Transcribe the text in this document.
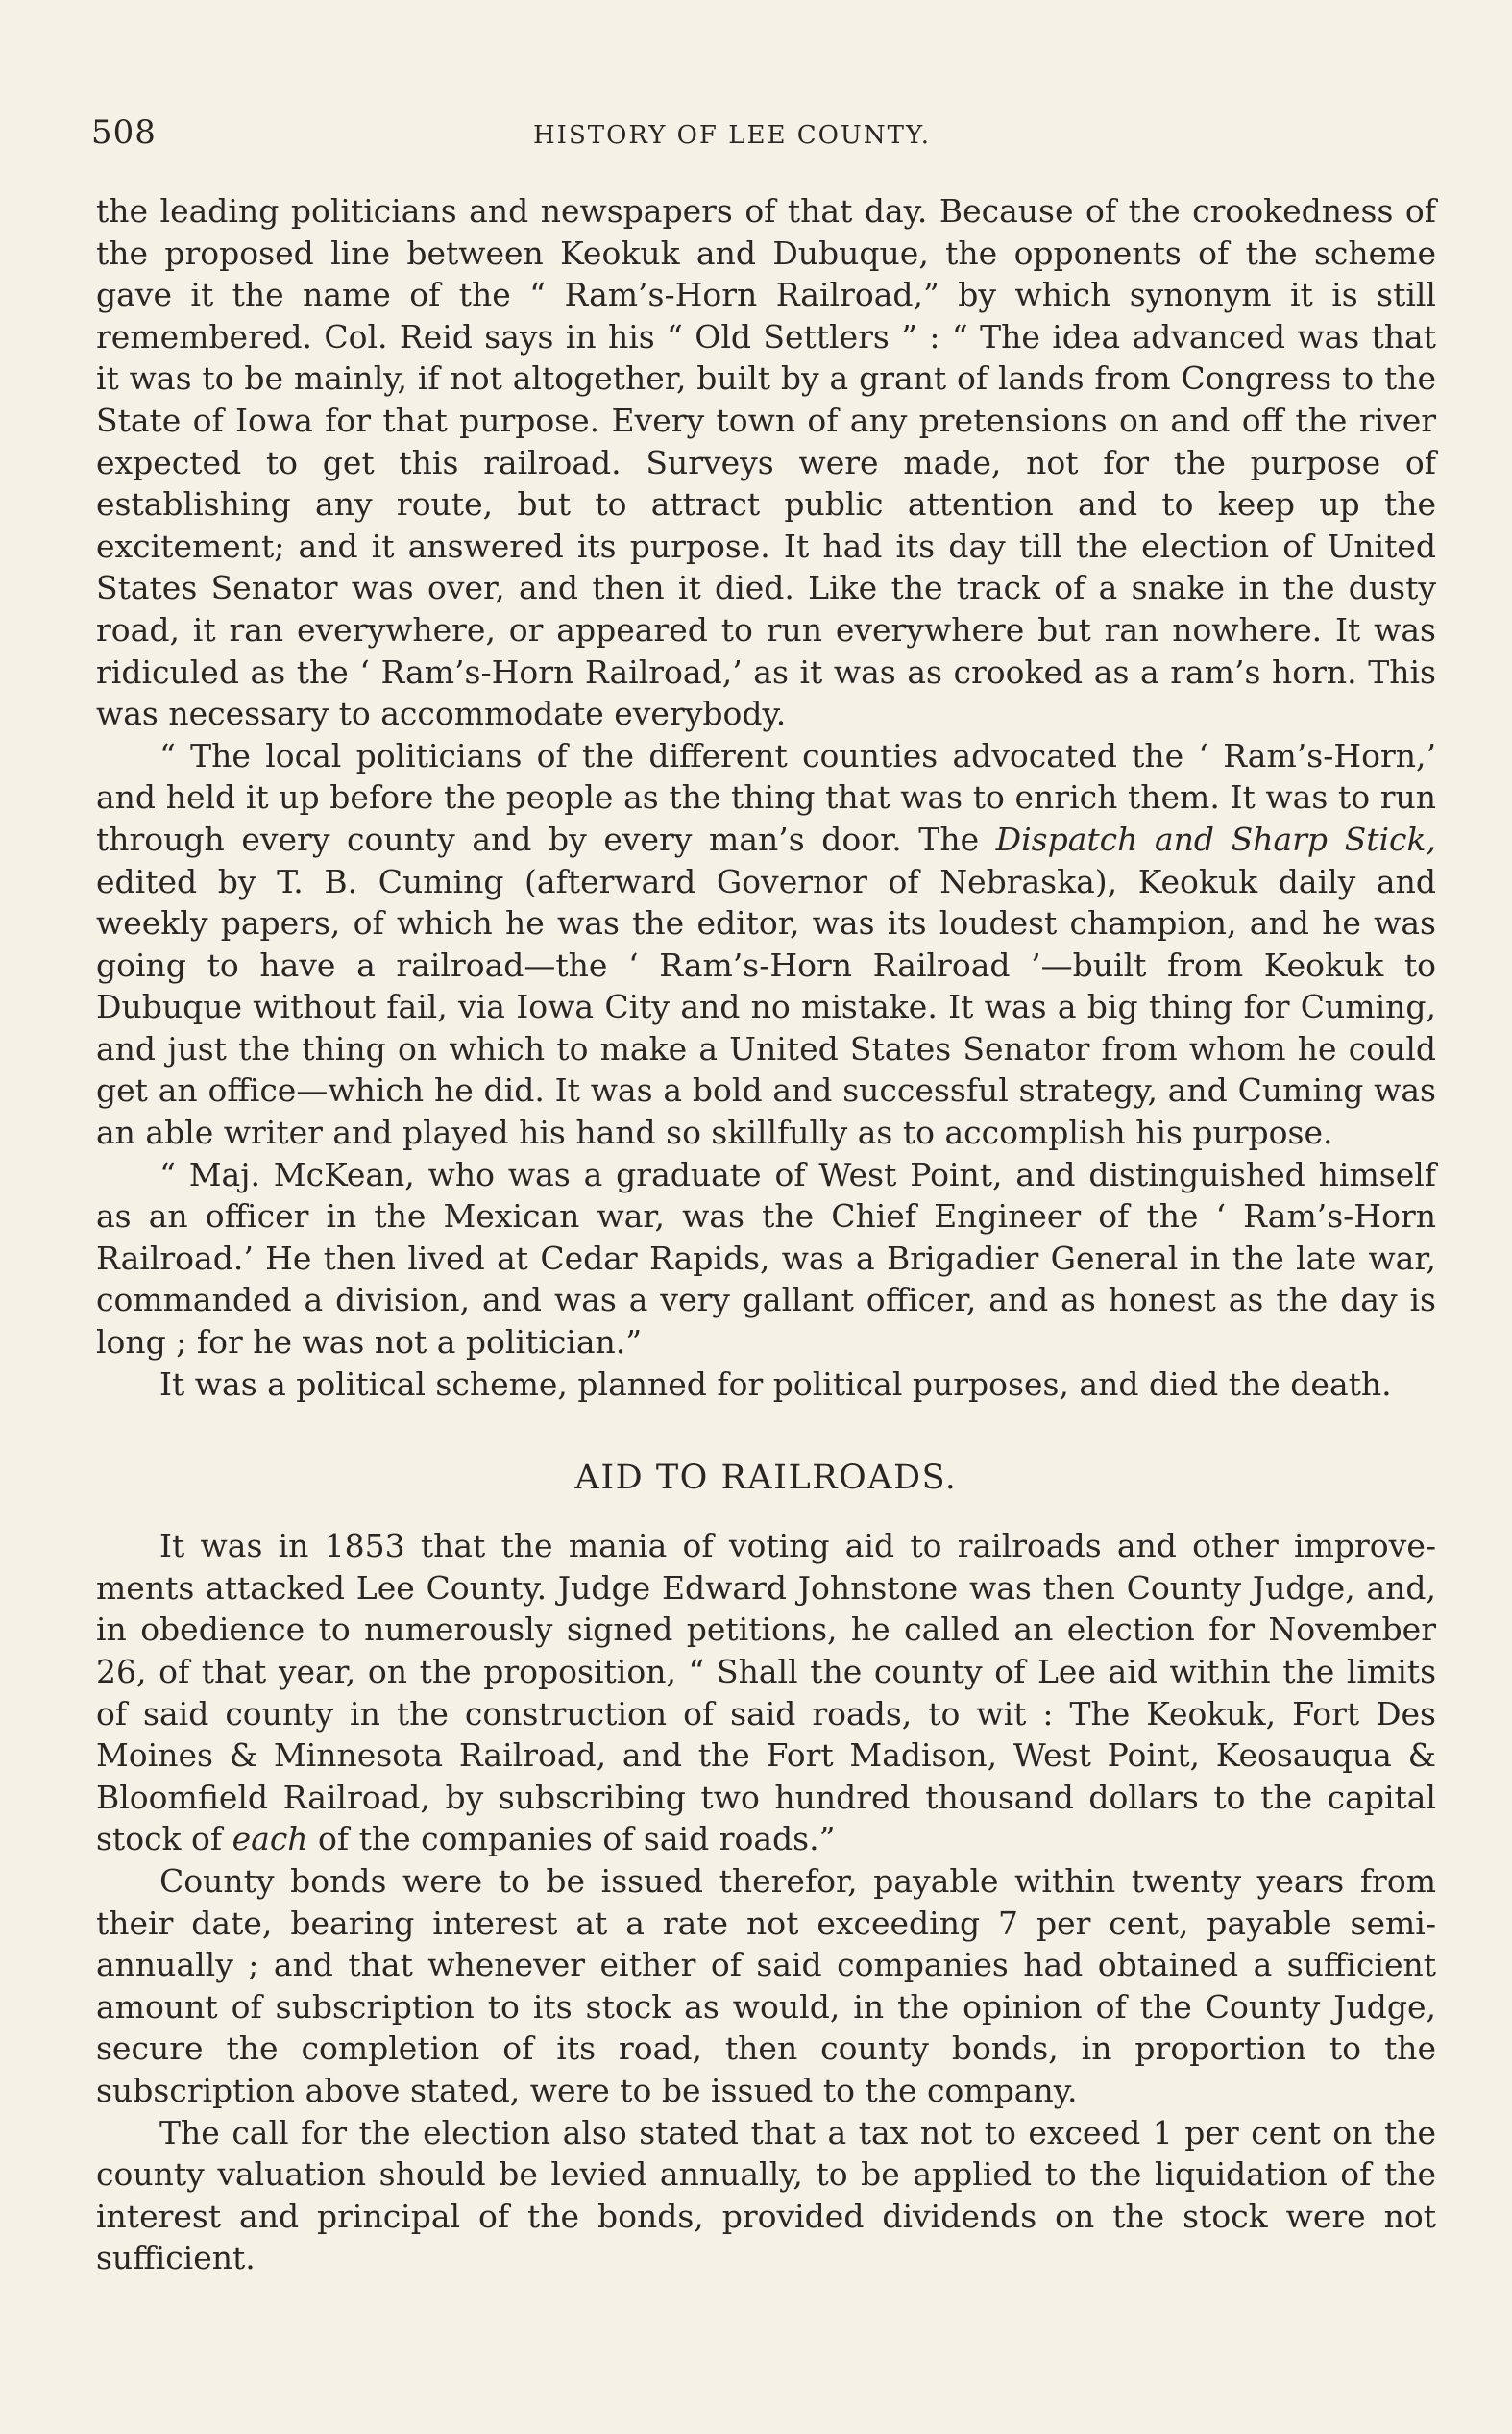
508	HISTORY OF LEE COUNTY.

the leading politicians and newspapers of that day. Because of the crookedness of the proposed line between Keokuk and Dubuque, the opponents of the scheme gave it the name of the “ Ram’s-Horn Railroad,” by which synonym it is still remembered. Col. Reid says in his “ Old Settlers ” : “ The idea advanced was that it was to be mainly, if not altogether, built by a grant of lands from Congress to the State of Iowa for that purpose. Every town of any pretensions on and off the river expected to get this railroad. Surveys were made, not for the purpose of establishing any route, but to attract public attention and to keep up the excitement; and it answered its purpose. It had its day till the election of United States Senator was over, and then it died. Like the track of a snake in the dusty road, it ran everywhere, or appeared to run everywhere but ran nowhere. It was ridiculed as the ‘ Ram’s-Horn Railroad,’ as it was as crooked as a ram’s horn. This was necessary to accommodate everybody.

“ The local politicians of the different counties advocated the ‘ Ram’s-Horn,’ and held it up before the people as the thing that was to enrich them. It was to run through every county and by every man’s door. The Dispatch and Sharp Stick, edited by T. B. Cuming (afterward Governor of Nebraska), Keokuk daily and weekly papers, of which he was the editor, was its loudest champion, and he was going to have a railroad—the ‘ Ram’s-Horn Railroad ’—built from Keokuk to Dubuque without fail, via Iowa City and no mistake. It was a big thing for Cuming, and just the thing on which to make a United States Senator from whom he could get an office—which he did. It was a bold and successful strategy, and Cuming was an able writer and played his hand so skillfully as to accomplish his purpose.

“ Maj. McKean, who was a graduate of West Point, and distinguished himself as an officer in the Mexican war, was the Chief Engineer of the ‘ Ram’s-Horn Railroad.’ He then lived at Cedar Rapids, was a Brigadier General in the late war, commanded a division, and was a very gallant officer, and as honest as the day is long ; for he was not a politician.”

It was a political scheme, planned for political purposes, and died the death.

AID TO RAILROADS.

It was in 1853 that the mania of voting aid to railroads and other improvements attacked Lee County. Judge Edward Johnstone was then County Judge, and, in obedience to numerously signed petitions, he called an election for November 26, of that year, on the proposition, “ Shall the county of Lee aid within the limits of said county in the construction of said roads, to wit : The Keokuk, Fort Des Moines & Minnesota Railroad, and the Fort Madison, West Point, Keosauqua & Bloomfield Railroad, by subscribing two hundred thousand dollars to the capital stock of each of the companies of said roads.”

County bonds were to be issued therefor, payable within twenty years from their date, bearing interest at a rate not exceeding 7 per cent, payable semiannually ; and that whenever either of said companies had obtained a sufficient amount of subscription to its stock as would, in the opinion of the County Judge, secure the completion of its road, then county bonds, in proportion to the subscription above stated, were to be issued to the company.

The call for the election also stated that a tax not to exceed 1 per cent on the county valuation should be levied annually, to be applied to the liquidation of the interest and principal of the bonds, provided dividends on the stock were not sufficient.
